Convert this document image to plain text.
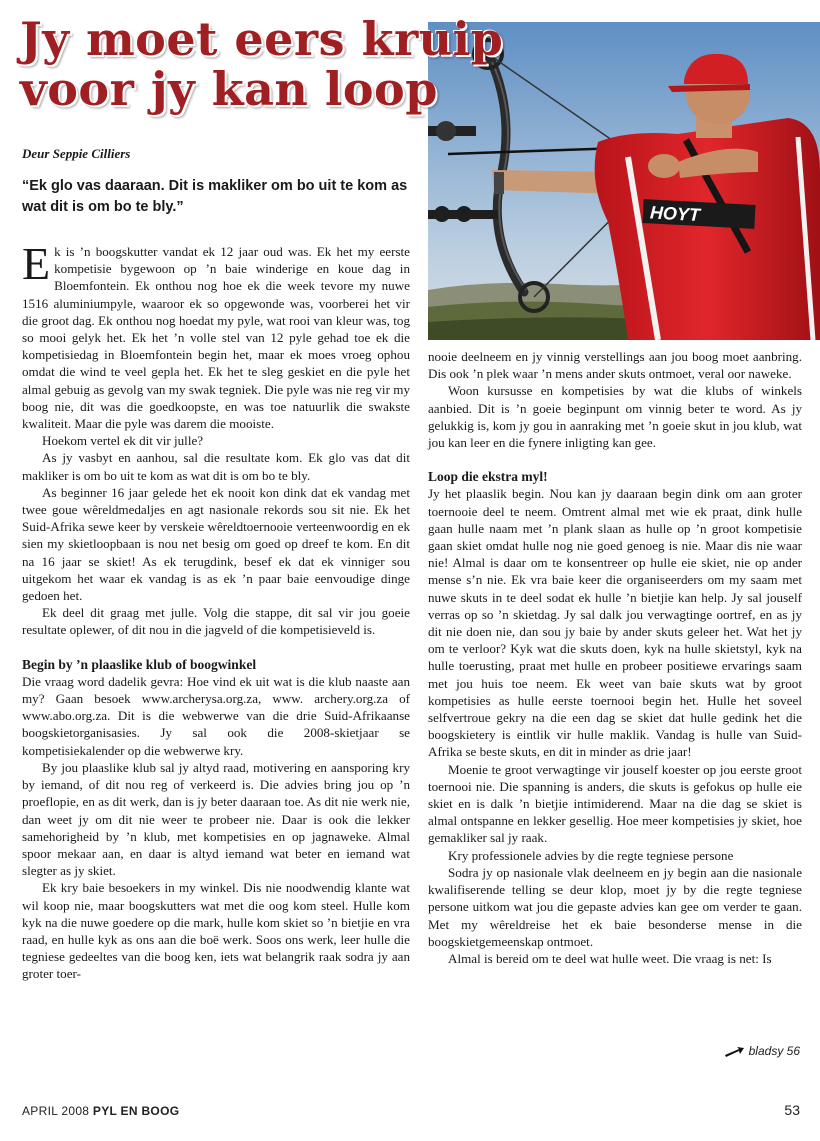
HOYT
Jy moet eers kruip
voor jy kan loop
Deur Seppie Cilliers

“Ek glo vas daaraan. Dit is makliker om bo uit te kom as wat dit is om bo te bly.”

Ek is ’n boogskutter vandat ek 12 jaar oud was. Ek het my eerste kompetisie bygewoon op ’n baie winderige en koue dag in Bloemfontein. Ek onthou nog hoe ek die week tevore my nuwe 1516 aluminiumpyle, waaroor ek so opgewonde was, voorberei het vir die groot dag. Ek onthou nog hoedat my pyle, wat rooi van kleur was, tog so mooi gelyk het. Ek het ’n volle stel van 12 pyle gehad toe ek die kompetisiedag in Bloemfontein begin het, maar ek moes vroeg ophou omdat die wind te veel gepla het. Ek het te sleg geskiet en die pyle het almal gebuig as gevolg van my swak tegniek. Die pyle was nie reg vir my boog nie, dit was die goedkoopste, en was toe natuurlik die swakste kwaliteit. Maar die pyle was darem die mooiste.

Hoekom vertel ek dit vir julle?

As jy vasbyt en aanhou, sal die resultate kom. Ek glo vas dat dit makliker is om bo uit te kom as wat dit is om bo te bly.

As beginner 16 jaar gelede het ek nooit kon dink dat ek vandag met twee goue wêreldmedaljes en agt nasionale rekords sou sit nie. Ek het Suid-Afrika sewe keer by verskeie wêreldtoernooie verteenwoordig en ek sien my skietloopbaan is nou net besig om goed op dreef te kom. En dit na 16 jaar se skiet! As ek terugdink, besef ek dat ek vinniger sou uitgekom het waar ek vandag is as ek ’n paar baie eenvoudige dinge gedoen het.

Ek deel dit graag met julle. Volg die stappe, dit sal vir jou goeie resultate oplewer, of dit nou in die jagveld of die kompetisieveld is.

Begin by ’n plaaslike klub of boogwinkel

Die vraag word dadelik gevra: Hoe vind ek uit wat is die klub naaste aan my? Gaan besoek www.archerysa.org.za, www. archery.org.za of www.abo.org.za. Dit is die webwerwe van die drie Suid-Afrikaanse boogskietorganisasies. Jy sal ook die 2008-skietjaar se kompetisiekalender op die webwerwe kry.

By jou plaaslike klub sal jy altyd raad, motivering en aansporing kry by iemand, of dit nou reg of verkeerd is. Die advies bring jou op ’n proeflopie, en as dit werk, dan is jy beter daaraan toe. As dit nie werk nie, dan weet jy om dit nie weer te probeer nie. Daar is ook die lekker samehorigheid by ’n klub, met kompetisies en op jagnaweke. Almal spoor mekaar aan, en daar is altyd iemand wat beter en iemand wat slegter as jy skiet.

Ek kry baie besoekers in my winkel. Dis nie noodwendig klante wat wil koop nie, maar boogskutters wat met die oog kom steel. Hulle kom kyk na die nuwe goedere op die mark, hulle kom skiet so ’n bietjie en vra raad, en hulle kyk as ons aan die boë werk. Soos ons werk, leer hulle die tegniese gedeeltes van die boog ken, iets wat belangrik raak sodra jy aan groter toer-

nooie deelneem en jy vinnig verstellings aan jou boog moet aanbring. Dis ook ’n plek waar ’n mens ander skuts ontmoet, veral oor naweke.

Woon kursusse en kompetisies by wat die klubs of winkels aanbied. Dit is ’n goeie beginpunt om vinnig beter te word. As jy gelukkig is, kom jy gou in aanraking met ’n goeie skut in jou klub, wat jou kan leer en die fynere inligting kan gee.

Loop die ekstra myl!

Jy het plaaslik begin. Nou kan jy daaraan begin dink om aan groter toernooie deel te neem. Omtrent almal met wie ek praat, dink hulle gaan hulle naam met ’n plank slaan as hulle op ’n groot kompetisie gaan skiet omdat hulle nog nie goed genoeg is nie. Maar dis nie waar nie! Almal is daar om te konsentreer op hulle eie skiet, nie op ander mense s’n nie. Ek vra baie keer die organiseerders om my saam met nuwe skuts in te deel sodat ek hulle ’n bietjie kan help. Jy sal jouself verras op so ’n skietdag. Jy sal dalk jou verwagtinge oortref, en as jy dit nie doen nie, dan sou jy baie by ander skuts geleer het. Wat het jy om te verloor? Kyk wat die skuts doen, kyk na hulle skietstyl, kyk na hulle toerusting, praat met hulle en probeer positiewe ervarings saam met jou huis toe neem. Ek weet van baie skuts wat by groot kompetisies as hulle eerste toernooi begin het. Hulle het soveel selfvertroue gekry na die een dag se skiet dat hulle gedink het die boogskietery is eintlik vir hulle maklik. Vandag is hulle van Suid-Afrika se beste skuts, en dit in minder as drie jaar!

Moenie te groot verwagtinge vir jouself koester op jou eerste groot toernooi nie. Die spanning is anders, die skuts is gefokus op hulle eie skiet en is dalk ’n bietjie intimiderend. Maar na die dag se skiet is almal ontspanne en lekker gesellig. Hoe meer kompetisies jy skiet, hoe gemakliker sal jy raak.

Kry professionele advies by die regte tegniese persone

Sodra jy op nasionale vlak deelneem en jy begin aan die nasionale kwalifiserende telling se deur klop, moet jy by die regte tegniese persone uitkom wat jou die gepaste advies kan gee om verder te gaan. Met my wêreldreise het ek baie besonderse mense in die boogskietgemeenskap ontmoet.

Almal is bereid om te deel wat hulle weet. Die vraag is net: Is

bladsy 56
APRIL 2008 PYL EN BOOG	53
